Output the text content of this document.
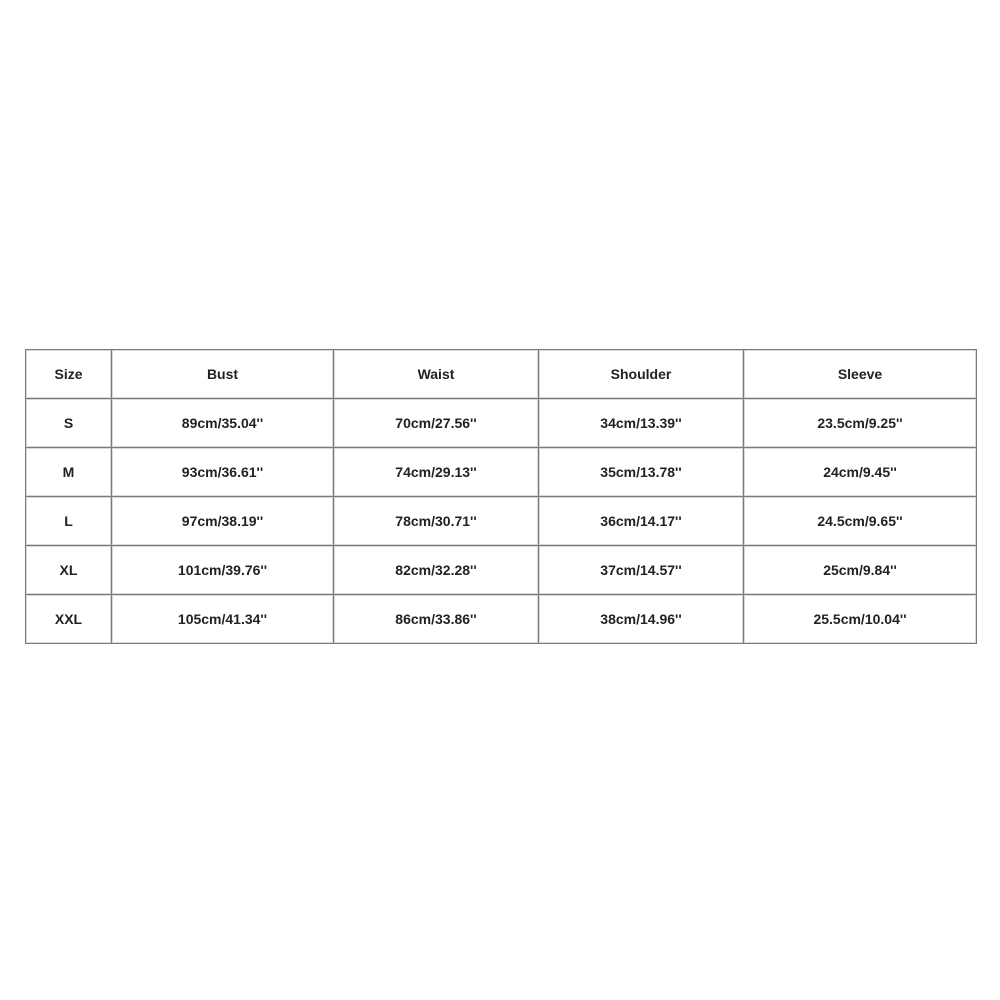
Size	Bust	Waist	Shoulder	Sleeve
S	89cm/35.04''	70cm/27.56''	34cm/13.39''	23.5cm/9.25''
M	93cm/36.61''	74cm/29.13''	35cm/13.78''	24cm/9.45''
L	97cm/38.19''	78cm/30.71''	36cm/14.17''	24.5cm/9.65''
XL	101cm/39.76''	82cm/32.28''	37cm/14.57''	25cm/9.84''
XXL	105cm/41.34''	86cm/33.86''	38cm/14.96''	25.5cm/10.04''
